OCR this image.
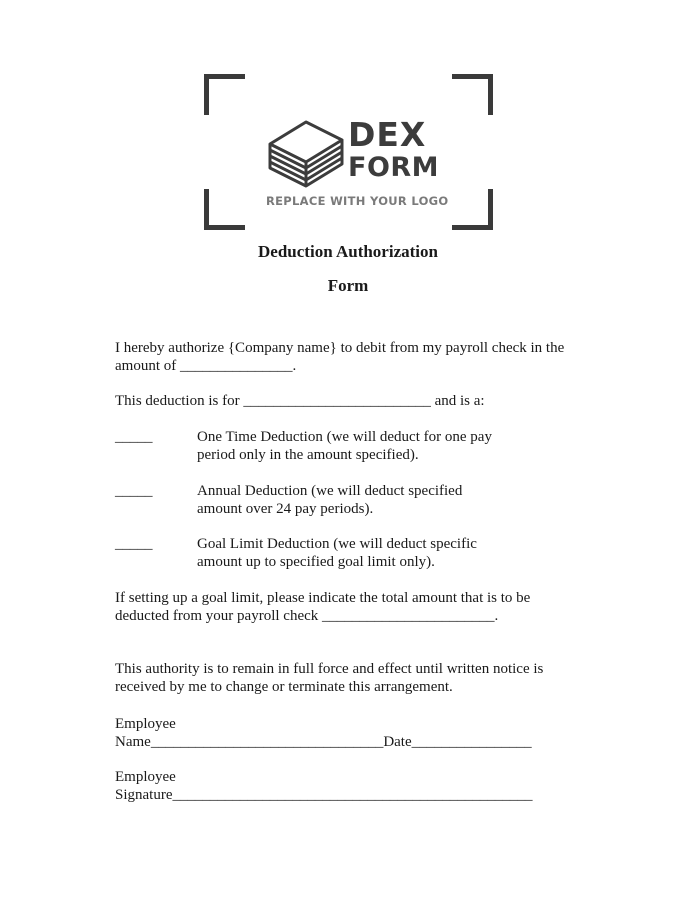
DEX
FORM
REPLACE WITH YOUR LOGO
Deduction Authorization
Form
I hereby authorize {Company name} to debit from my payroll check in the
amount of _______________.
This deduction is for _________________________ and is a:
_____	One Time Deduction (we will deduct for one pay
period only in the amount specified).
_____	Annual Deduction (we will deduct specified
amount over 24 pay periods).
_____	Goal Limit Deduction (we will deduct specific
amount up to specified goal limit only).
If setting up a goal limit, please indicate the total amount that is to be
deducted from your payroll check _______________________.
This authority is to remain in full force and effect until written notice is
received by me to change or terminate this arrangement.
Employee
Name_______________________________Date________________
Employee
Signature________________________________________________
